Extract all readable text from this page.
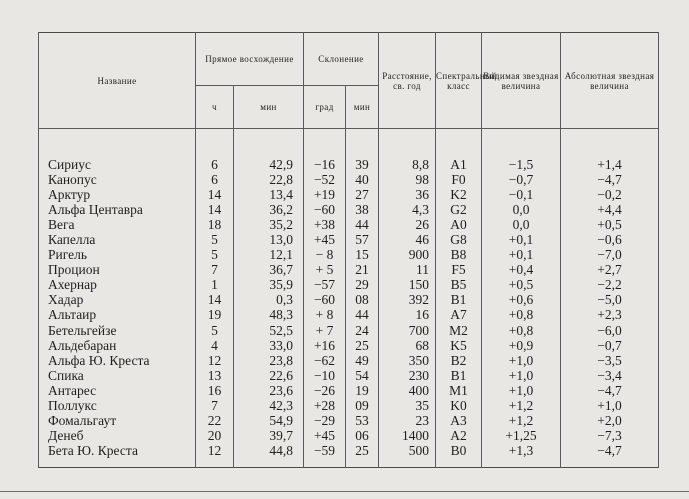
Название	Прямое восхождение		Склонение		Расстояние, св. год	Спектральный класс	Видимая звездная величина	Абсолютная звездная величина
	ч	мин	град	мин				

Сириус	6	42,9	−16	39	8,8	A1	−1,5	+1,4
Канопус	6	22,8	−52	40	98	F0	−0,7	−4,7
Арктур	14	13,4	+19	27	36	K2	−0,1	−0,2
Альфа Центавра	14	36,2	−60	38	4,3	G2	0,0	+4,4
Вега	18	35,2	+38	44	26	A0	0,0	+0,5
Капелла	5	13,0	+45	57	46	G8	+0,1	−0,6
Ригель	5	12,1	− 8	15	900	B8	+0,1	−7,0
Процион	7	36,7	+ 5	21	11	F5	+0,4	+2,7
Ахернар	1	35,9	−57	29	150	B5	+0,5	−2,2
Хадар	14	0,3	−60	08	392	B1	+0,6	−5,0
Альтаир	19	48,3	+ 8	44	16	A7	+0,8	+2,3
Бетельгейзе	5	52,5	+ 7	24	700	M2	+0,8	−6,0
Альдебаран	4	33,0	+16	25	68	K5	+0,9	−0,7
Альфа Ю. Креста	12	23,8	−62	49	350	B2	+1,0	−3,5
Спика	13	22,6	−10	54	230	B1	+1,0	−3,4
Антарес	16	23,6	−26	19	400	M1	+1,0	−4,7
Поллукс	7	42,3	+28	09	35	K0	+1,2	+1,0
Фомальгаут	22	54,9	−29	53	23	A3	+1,2	+2,0
Денеб	20	39,7	+45	06	1400	A2	+1,25	−7,3
Бета Ю. Креста	12	44,8	−59	25	500	B0	+1,3	−4,7
